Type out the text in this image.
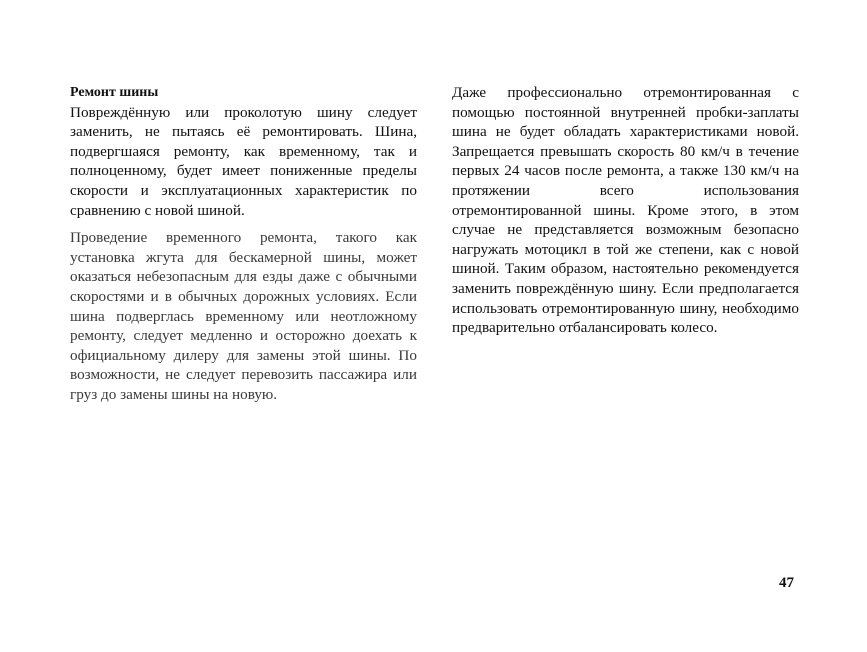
Ремонт шины

Повреждённую или проколотую шину следует заменить, не пытаясь её ремонтировать. Шина, подвергшаяся ремонту, как временному, так и полноценному, будет имеет пониженные пределы скорости и эксплуатационных характеристик по сравнению с новой шиной.

Проведение временного ремонта, такого как установка жгута для бескамерной шины, может оказаться небезопасным для езды даже с обычными скоростями и в обычных дорожных условиях. Если шина подверглась временному или неотложному ремонту, следует медленно и осторожно доехать к официальному дилеру для замены этой шины. По возможности, не следует перевозить пассажира или груз до замены шины на новую.

Даже профессионально отремонтированная с помощью постоянной внутренней пробки-заплаты шина не будет обладать характеристиками новой. Запрещается превышать скорость 80 км/ч в течение первых 24 часов после ремонта, а также 130 км/ч на протяжении всего использования отремонтированной шины. Кроме этого, в этом случае не представляется возможным безопасно нагружать мотоцикл в той же степени, как с новой шиной. Таким образом, настоятельно рекомендуется заменить повреждённую шину. Если предполагается использовать отремонтированную шину, необходимо предварительно отбалансировать колесо.

47
